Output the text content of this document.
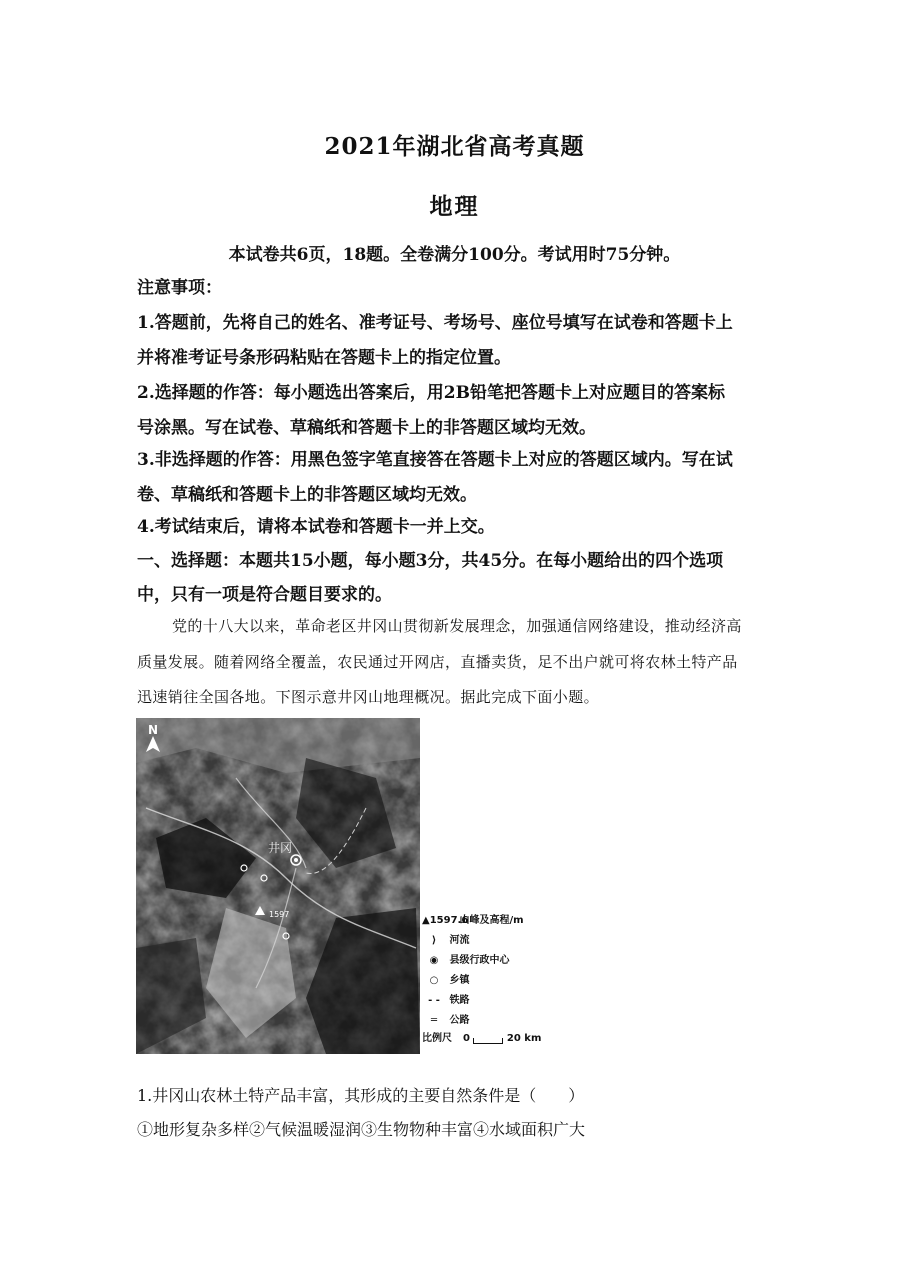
2021年湖北省高考真题
地理
本试卷共6页，18题。全卷满分100分。考试用时75分钟。
注意事项：
1.答题前，先将自己的姓名、准考证号、考场号、座位号填写在试卷和答题卡上
并将准考证号条形码粘贴在答题卡上的指定位置。
2.选择题的作答：每小题选出答案后，用2B铅笔把答题卡上对应题目的答案标
号涂黑。写在试卷、草稿纸和答题卡上的非答题区域均无效。
3.非选择题的作答：用黑色签字笔直接答在答题卡上对应的答题区域内。写在试
卷、草稿纸和答题卡上的非答题区域均无效。
4.考试结束后，请将本试卷和答题卡一并上交。
一、选择题：本题共15小题，每小题3分，共45分。在每小题给出的四个选项
中，只有一项是符合题目要求的。
党的十八大以来，革命老区井冈山贯彻新发展理念，加强通信网络建设，推动经济高
质量发展。随着网络全覆盖，农民通过开网店，直播卖货，足不出户就可将农林土特产品
迅速销往全国各地。下图示意井冈山地理概况。据此完成下面小题。
1597
井冈
N
▲1597.6 山峰及高程/m
⟩ 河流
◉ 县级行政中心
○ 乡镇
- - 铁路
═ 公路
比例尺 0	20 km
1.井冈山农林土特产品丰富，其形成的主要自然条件是（　　）
①地形复杂多样②气候温暖湿润③生物物种丰富④水域面积广大
